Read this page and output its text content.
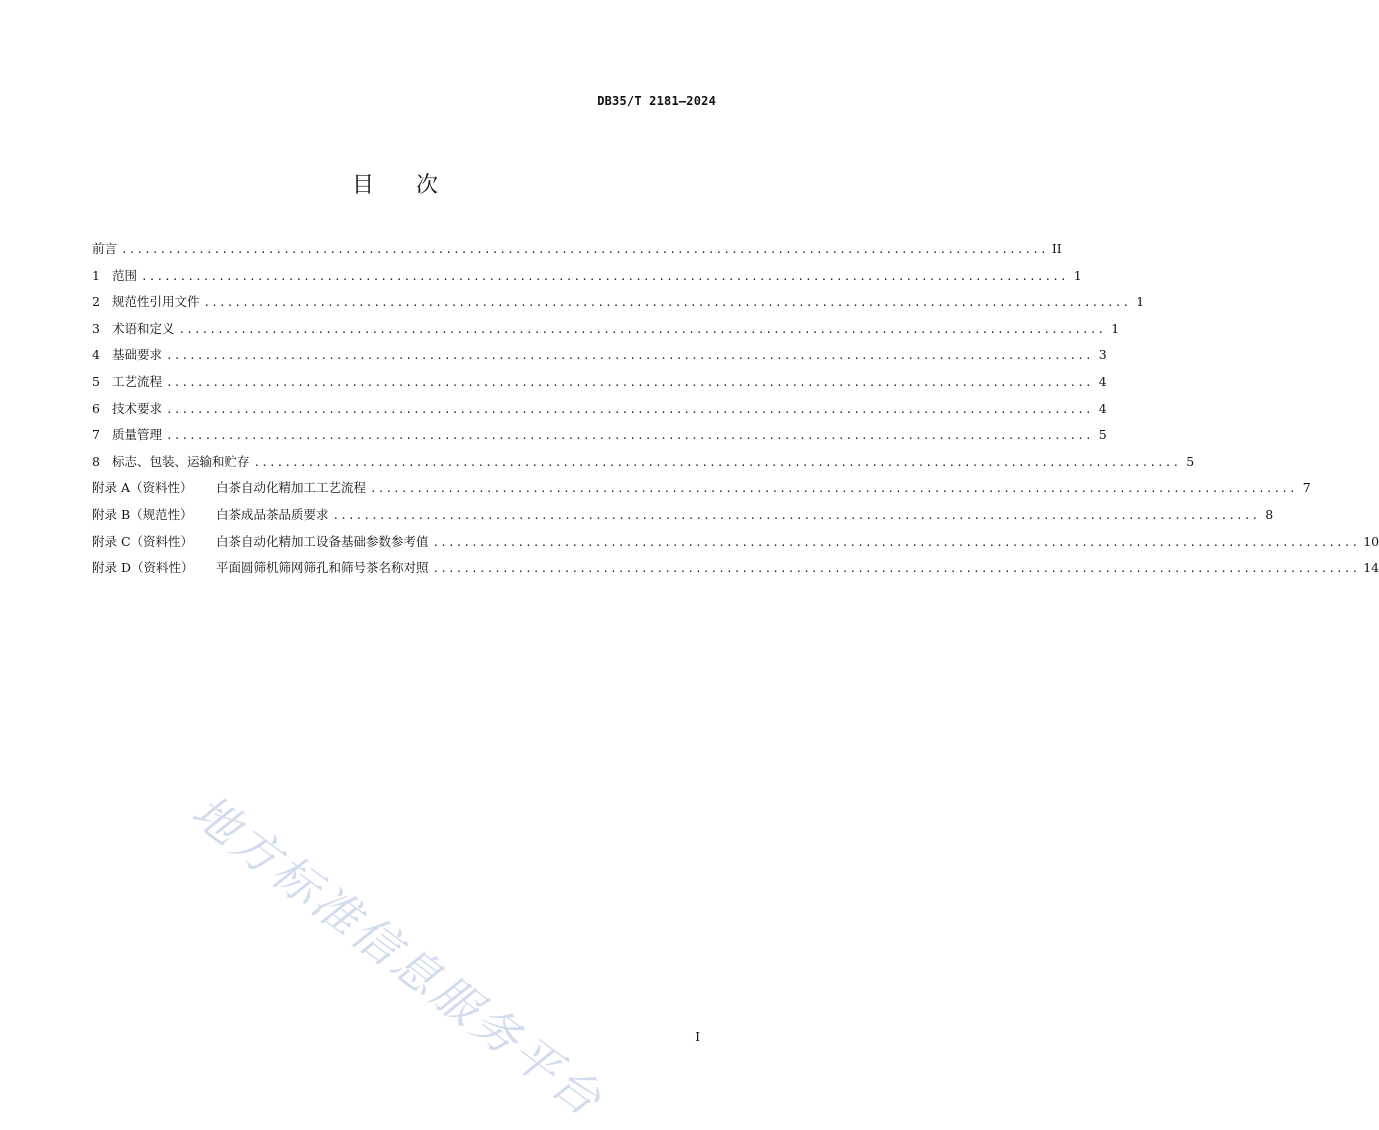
DB35/T 2181—2024
目 次
前言 ........................................................................................................................ II
1 范围 ........................................................................................................................ 1
2 规范性引用文件 ........................................................................................................................ 1
3 术语和定义 ........................................................................................................................ 1
4 基础要求 ........................................................................................................................ 3
5 工艺流程 ........................................................................................................................ 4
6 技术要求 ........................................................................................................................ 4
7 质量管理 ........................................................................................................................ 5
8 标志、包装、运输和贮存 ........................................................................................................................ 5
附录 A（资料性） 白茶自动化精加工工艺流程 ........................................................................................................................ 7
附录 B（规范性） 白茶成品茶品质要求 ........................................................................................................................ 8
附录 C（资料性） 白茶自动化精加工设备基础参数参考值 ........................................................................................................................ 10
附录 D（资料性） 平面圆筛机筛网筛孔和筛号茶名称对照 ........................................................................................................................ 14
地方标准信息服务平台	I
